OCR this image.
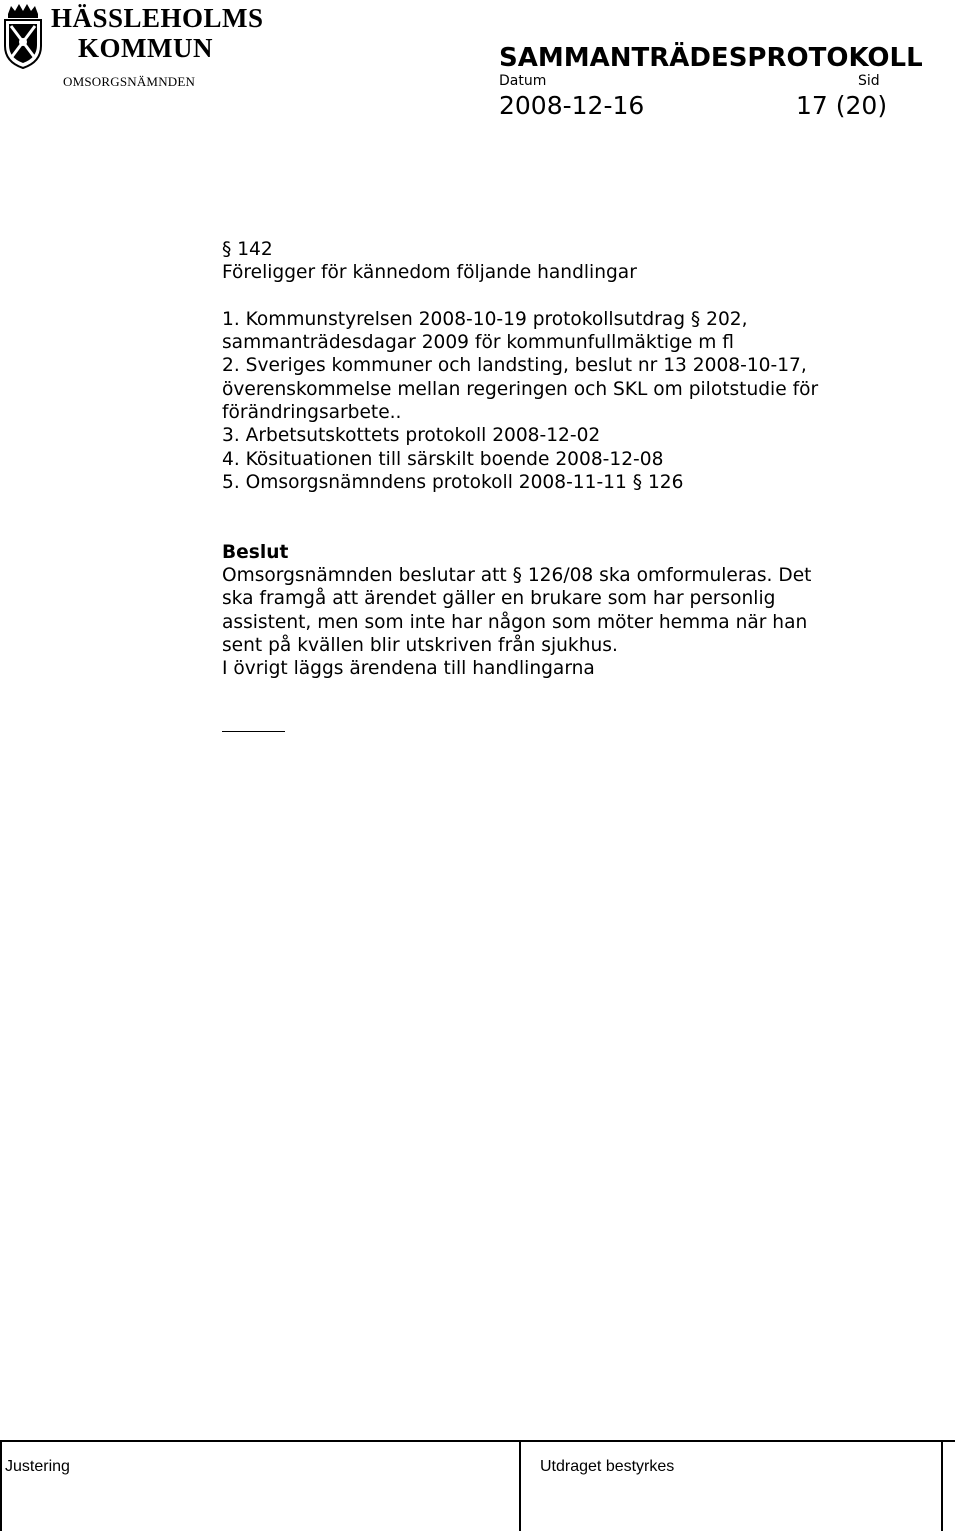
HÄSSLEHOLMS
KOMMUN
OMSORGSNÄMNDEN
SAMMANTRÄDESPROTOKOLL
Datum	Sid
2008-12-16	17 (20)
§ 142
Föreligger för kännedom följande handlingar
1. Kommunstyrelsen 2008-10-19 protokollsutdrag § 202,
sammanträdesdagar 2009 för kommunfullmäktige m fl
2. Sveriges kommuner och landsting, beslut nr 13 2008-10-17,
överenskommelse mellan regeringen och SKL om pilotstudie för
förändringsarbete..
3. Arbetsutskottets protokoll 2008-12-02
4. Kösituationen till särskilt boende 2008-12-08
5. Omsorgsnämndens protokoll 2008-11-11 § 126
Beslut
Omsorgsnämnden beslutar att § 126/08 ska omformuleras. Det
ska framgå att ärendet gäller en brukare som har personlig
assistent, men som inte har någon som möter hemma när han
sent på kvällen blir utskriven från sjukhus.
I övrigt läggs ärendena till handlingarna
Justering	Utdraget bestyrkes
